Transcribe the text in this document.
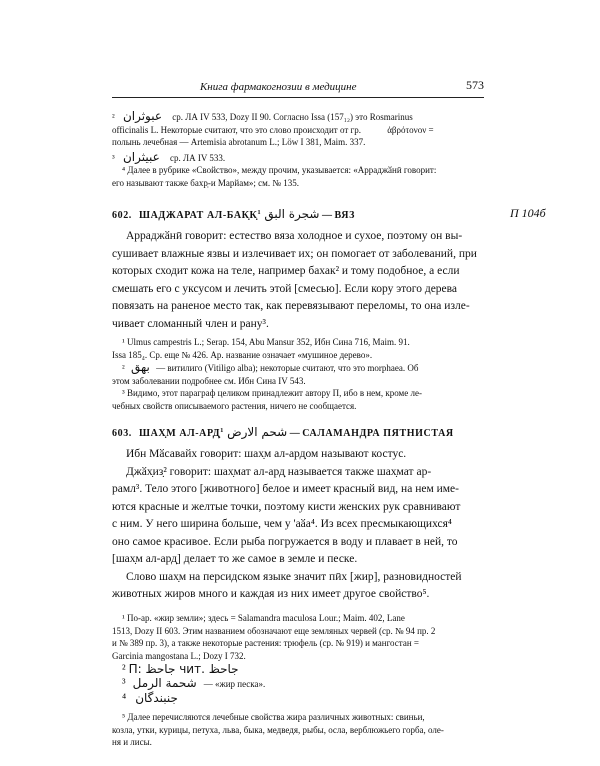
Книга фармакогнозии в медицине	573
² عبوثران ср. ЛА IV 533, Dozy II 90. Согласно Issa (157₁₂) это Rosmarinus
officinalis L. Некоторые считают, что это слово происходит от гр.	ἀβρότονον =
полынь лечебная — Artemisia abrotanum L.; Löw I 381, Maim. 337.
³ عبيثران ср. ЛА IV 533.
⁴ Далее в рубрике «Свойство», между прочим, указывается: «Арраджӑнӣ говорит:
его называют также бахр̣-и Марйам»; см. № 135.
602. ШАДЖАРАТ АЛ-БАК̣К̣$^1$ شجرة البق — ВЯЗ	П 104б
Арраджӑнӣ говорит: естество вяза холодное и сухое, поэтому он вы-
сушивает влажные язвы и излечивает их; он помогает от заболеваний, при
которых сходит кожа на теле, например бахак² и тому подобное, а если
смешать его с уксусом и лечить этой [смесью]. Если кору этого дерева
повязать на раненое место так, как перевязывают переломы, то она излe-
чивает сломанный член и рану³.
¹ Ulmus campestris L.; Serap. 154, Abu Mansur 352, Ибн Сина 716, Maim. 91.
Issa 185₄. Ср. еще № 426. Ар. название означает «мушиное дерево».
² بهق — витилиго (Vitiligo alba); некоторые считают, что это morphaea. Об
этом заболевании подробнее см. Ибн Сина IV 543.
³ Видимо, этот параграф целиком принадлежит автору П, ибо в нем, кроме ле-
чебных свойств описываемого растения, ничего не сообщается.
603. ШАХ̣М АЛ-АРД̣$^1$ شحم الارض — САЛАМАНДРА ПЯТНИСТАЯ
Ибн Мӑсавайх говорит: шах̣м ал-ард̣ом называют костус.
Джӑх̣из̣² говорит: шах̣мат ал-ард̣ называется также шах̣мат ар-
рамл³. Тело этого [животного] белое и имеет красный вид, на нем име-
ются красные и желтые точки, поэтому кисти женских рук сравнивают
с ним. У него ширина больше, чем у 'аӑа⁴. Из всех пресмыкающихся⁴
оно самое красивое. Если рыба погружается в воду и плавает в ней, то
[шах̣м ал-ард̣] делает то же самое в земле и песке.
Слово шах̣м на персидском языке значит пӣх [жир], разновидностей
животных жиров много и каждая из них имеет другое свойство⁵.
¹ По-ар. «жир земли»; здесь = Salamandra maculosa Lour.; Maim. 402, Lane
1513, Dozy II 603. Этим названием обозначают еще земляных червей (ср. № 94 пр. 2
и № 389 пр. 3), а также некоторые растения: трюфель (ср. № 919) и мангостан =
Garcinia mangostana L.; Dozy I 732.
² П: جاحظ чит. جاحظ
³ شحمة الرمل — «жир песка».
⁴ جنبندگان
⁵ Далее перечисляются лечебные свойства жира различных животных: свиньи,
козла, утки, курицы, петуха, льва, быка, медведя, рыбы, осла, верблюжьего горба, оле-
ня и лисы.
